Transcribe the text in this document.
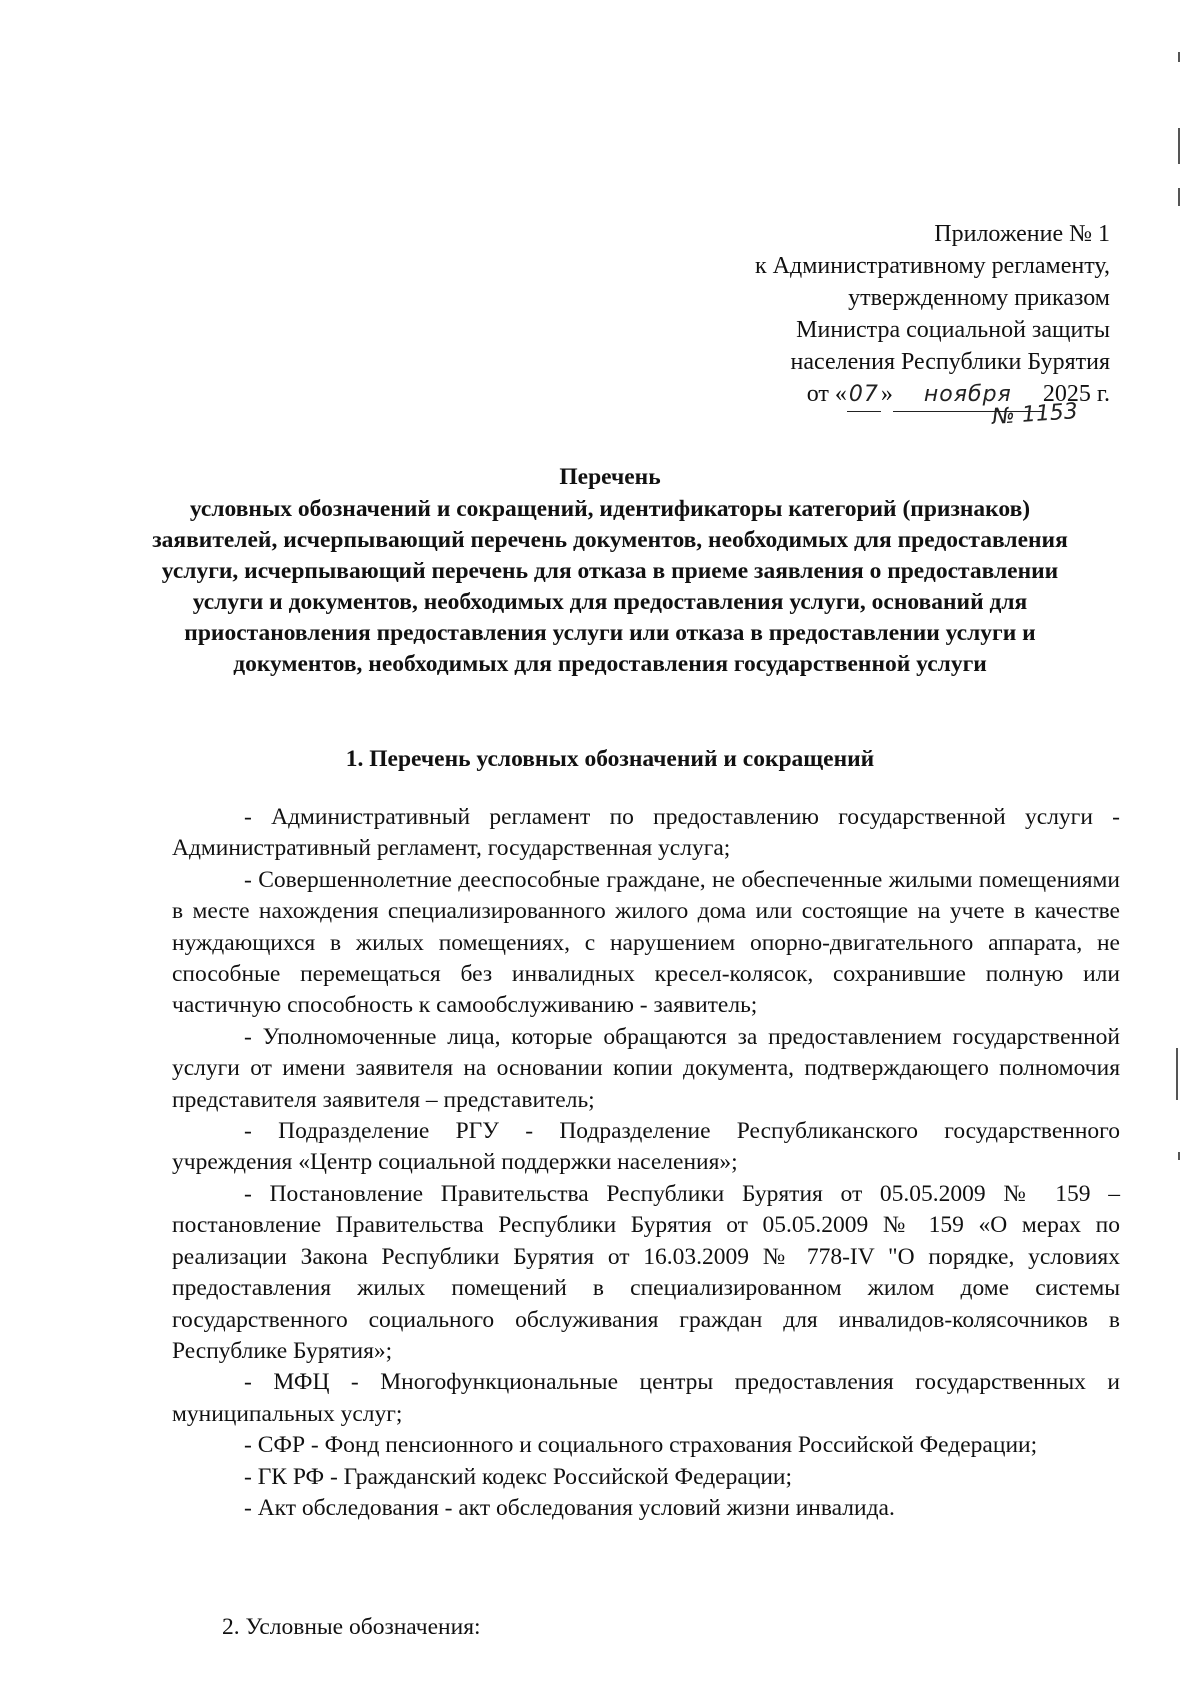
Приложение № 1
к Административному регламенту,
утвержденному приказом
Министра социальной защиты
населения Республики Бурятия
от «07» ноября 2025 г.
№ 1153
Перечень
условных обозначений и сокращений, идентификаторы категорий (признаков) заявителей, исчерпывающий перечень документов, необходимых для предоставления услуги, исчерпывающий перечень для отказа в приеме заявления о предоставлении услуги и документов, необходимых для предоставления услуги, оснований для приостановления предоставления услуги или отказа в предоставлении услуги и документов, необходимых для предоставления государственной услуги
1. Перечень условных обозначений и сокращений

- Административный регламент по предоставлению государственной услуги - Административный регламент, государственная услуга;

- Совершеннолетние дееспособные граждане, не обеспеченные жилыми помещениями в месте нахождения специализированного жилого дома или состоящие на учете в качестве нуждающихся в жилых помещениях, с нарушением опорно-двигательного аппарата, не способные перемещаться без инвалидных кресел-колясок, сохранившие полную или частичную способность к самообслуживанию - заявитель;

- Уполномоченные лица, которые обращаются за предоставлением государственной услуги от имени заявителя на основании копии документа, подтверждающего полномочия представителя заявителя – представитель;

- Подразделение РГУ - Подразделение Республиканского государственного учреждения «Центр социальной поддержки населения»;

- Постановление Правительства Республики Бурятия от 05.05.2009 № 159 – постановление Правительства Республики Бурятия от 05.05.2009 № 159 «О мерах по реализации Закона Республики Бурятия от 16.03.2009 № 778-IV "О порядке, условиях предоставления жилых помещений в специализированном жилом доме системы государственного социального обслуживания граждан для инвалидов-колясочников в Республике Бурятия»;

- МФЦ - Многофункциональные центры предоставления государственных и муниципальных услуг;

- СФР - Фонд пенсионного и социального страхования Российской Федерации;

- ГК РФ - Гражданский кодекс Российской Федерации;

- Акт обследования - акт обследования условий жизни инвалида.

2. Условные обозначения:
